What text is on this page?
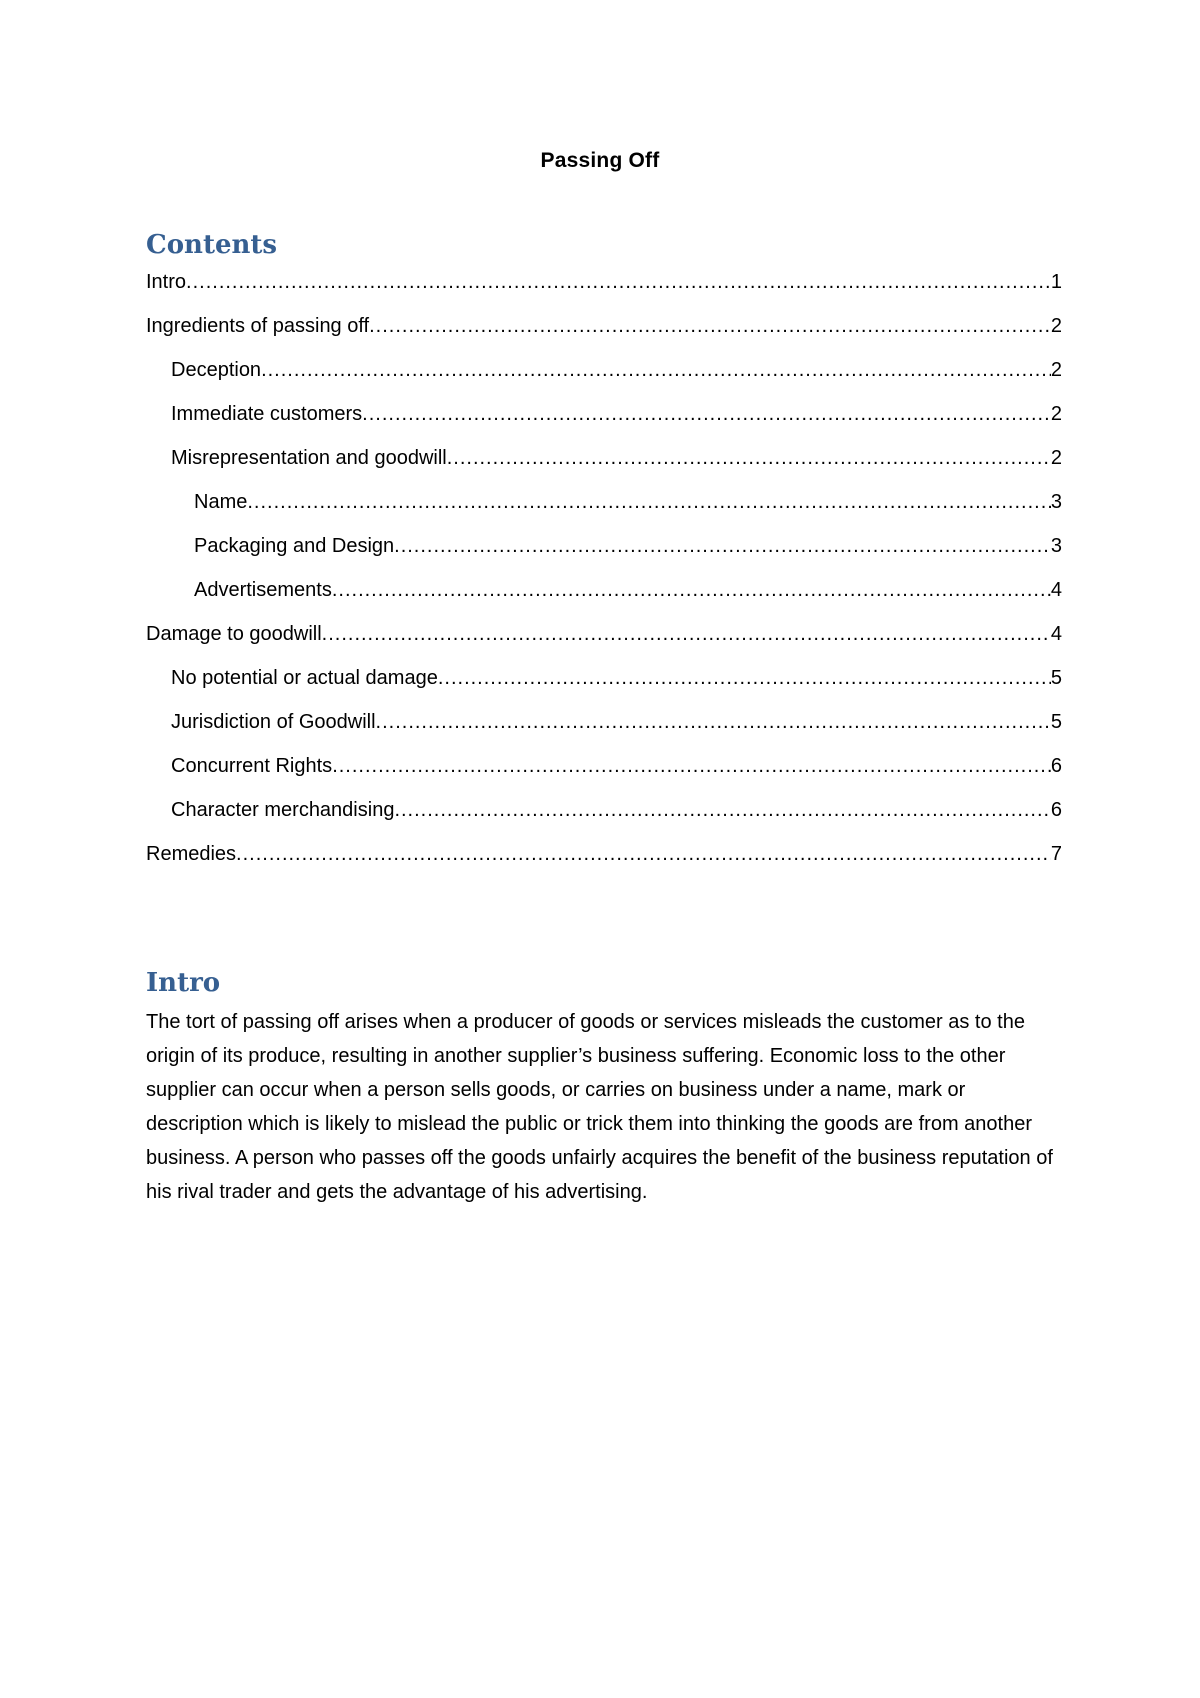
Passing Off
Contents
Intro .....	1
Ingredients of passing off .....	2
Deception .....	2
Immediate customers .....	2
Misrepresentation and goodwill .....	2
Name .....	3
Packaging and Design .....	3
Advertisements .....	4
Damage to goodwill .....	4
No potential or actual damage .....	5
Jurisdiction of Goodwill .....	5
Concurrent Rights .....	6
Character merchandising .....	6
Remedies .....	7
Intro

The tort of passing off arises when a producer of goods or services misleads the customer as to the origin of its produce, resulting in another supplier’s business suffering. Economic loss to the other supplier can occur when a person sells goods, or carries on business under a name, mark or description which is likely to mislead the public or trick them into thinking the goods are from another business. A person who passes off the goods unfairly acquires the benefit of the business reputation of his rival trader and gets the advantage of his advertising.
